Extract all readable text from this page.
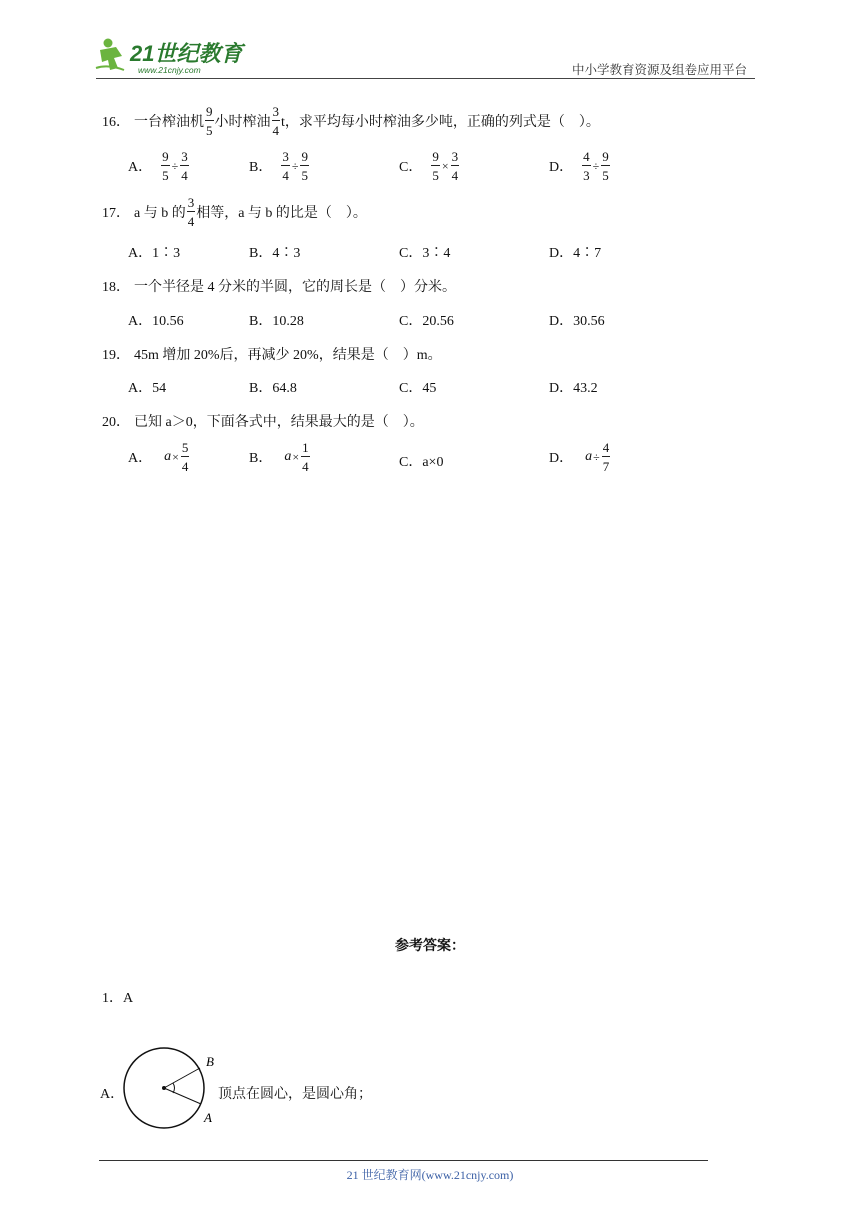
21世纪教育
www.21cnjy.com	中小学教育资源及组卷应用平台
16． 一台榨油机
9
5
小时榨油
3
4
t，求平均每小时榨油多少吨，正确的列式是（　）。
A． $\frac{9}{5} \div \frac{3}{4}$	B． $\frac{3}{4} \div \frac{9}{5}$	C． $\frac{9}{5} \times \frac{3}{4}$	D． $\frac{4}{3} \div \frac{9}{5}$
17． a 与 b 的
3
4
相等，a 与 b 的比是（　）。
A．1∶3	B．4∶3	C．3∶4	D．4∶7
18． 一个半径是 4 分米的半圆，它的周长是（　）分米。
A．10.56	B．10.28	C．20.56	D．30.56
19． 45m 增加 20%后，再减少 20%，结果是（　）m。
A．54	B．64.8	C．45	D．43.2
20． 已知 a＞0，下面各式中，结果最大的是（　）。
A． $a \times \frac{5}{4}$	B． $a \times \frac{1}{4}$	C．a×0	D． $a \div \frac{4}{7}$
参考答案：
1．A
A．
B
A
顶点在圆心，是圆心角；
21 世纪教育网(www.21cnjy.com)
